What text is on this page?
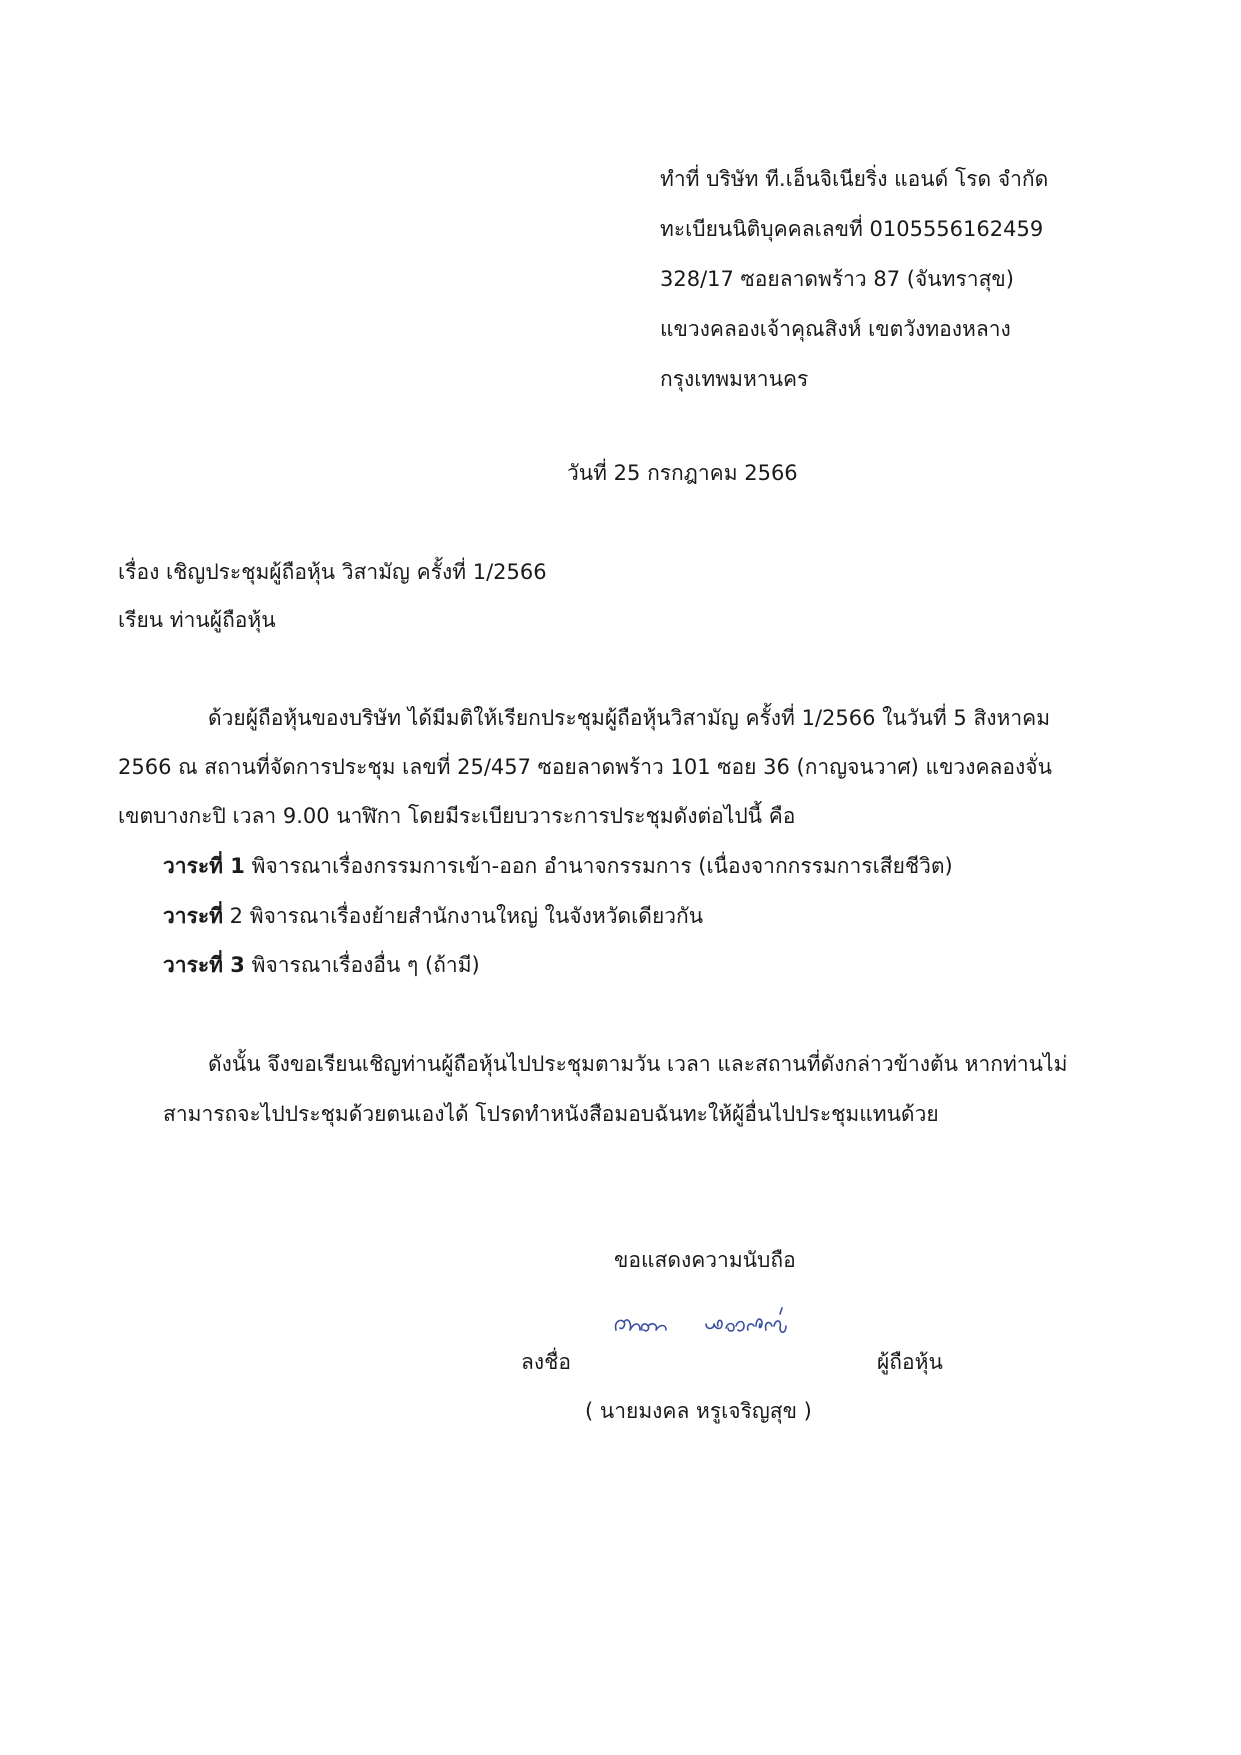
ทำที่ บริษัท ที.เอ็นจิเนียริ่ง แอนด์ โรด จำกัด
ทะเบียนนิติบุคคลเลขที่ 0105556162459
328/17 ซอยลาดพร้าว 87 (จันทราสุข)
แขวงคลองเจ้าคุณสิงห์ เขตวังทองหลาง
กรุงเทพมหานคร
วันที่ 25 กรกฎาคม 2566
เรื่อง เชิญประชุมผู้ถือหุ้น วิสามัญ ครั้งที่ 1/2566
เรียน ท่านผู้ถือหุ้น
ด้วยผู้ถือหุ้นของบริษัท ได้มีมติให้เรียกประชุมผู้ถือหุ้นวิสามัญ ครั้งที่ 1/2566 ในวันที่ 5 สิงหาคม
2566 ณ สถานที่จัดการประชุม เลขที่ 25/457 ซอยลาดพร้าว 101 ซอย 36 (กาญจนวาศ) แขวงคลองจั่น
เขตบางกะปิ เวลา 9.00 นาฬิกา โดยมีระเบียบวาระการประชุมดังต่อไปนี้ คือ
วาระที่ 1 พิจารณาเรื่องกรรมการเข้า-ออก อำนาจกรรมการ (เนื่องจากกรรมการเสียชีวิต)
วาระที่ 2 พิจารณาเรื่องย้ายสำนักงานใหญ่ ในจังหวัดเดียวกัน
วาระที่ 3 พิจารณาเรื่องอื่น ๆ (ถ้ามี)
ดังนั้น จึงขอเรียนเชิญท่านผู้ถือหุ้นไปประชุมตามวัน เวลา และสถานที่ดังกล่าวข้างต้น หากท่านไม่
สามารถจะไปประชุมด้วยตนเองได้ โปรดทำหนังสือมอบฉันทะให้ผู้อื่นไปประชุมแทนด้วย
ขอแสดงความนับถือ
ลงชื่อ	ผู้ถือหุ้น
( นายมงคล หรูเจริญสุข )
